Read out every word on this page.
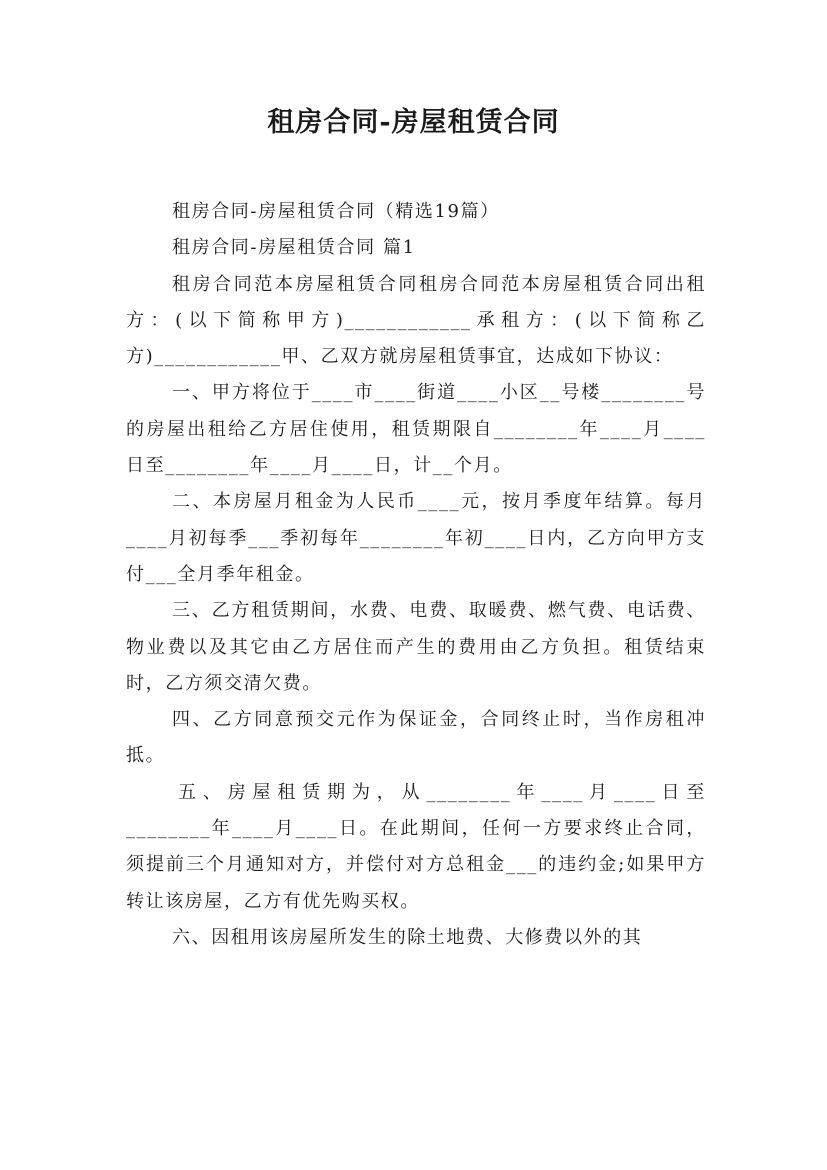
租房合同-房屋租赁合同

租房合同-房屋租赁合同（精选19篇）

租房合同-房屋租赁合同 篇1

租房合同范本房屋租赁合同租房合同范本房屋租赁合同出租方：(以下简称甲方)____________承租方：(以下简称乙方)____________甲、乙双方就房屋租赁事宜，达成如下协议：

一、甲方将位于____市____街道____小区__号楼________号的房屋出租给乙方居住使用，租赁期限自________年____月____日至________年____月____日，计__个月。

二、本房屋月租金为人民币____元，按月季度年结算。每月____月初每季___季初每年________年初____日内，乙方向甲方支付___全月季年租金。

三、乙方租赁期间，水费、电费、取暖费、燃气费、电话费、物业费以及其它由乙方居住而产生的费用由乙方负担。租赁结束时，乙方须交清欠费。

四、乙方同意预交元作为保证金，合同终止时，当作房租冲抵。

五、房屋租赁期为，从________年____月____日至________年____月____日。在此期间，任何一方要求终止合同，须提前三个月通知对方，并偿付对方总租金___的违约金;如果甲方转让该房屋，乙方有优先购买权。

六、因租用该房屋所发生的除土地费、大修费以外的其
